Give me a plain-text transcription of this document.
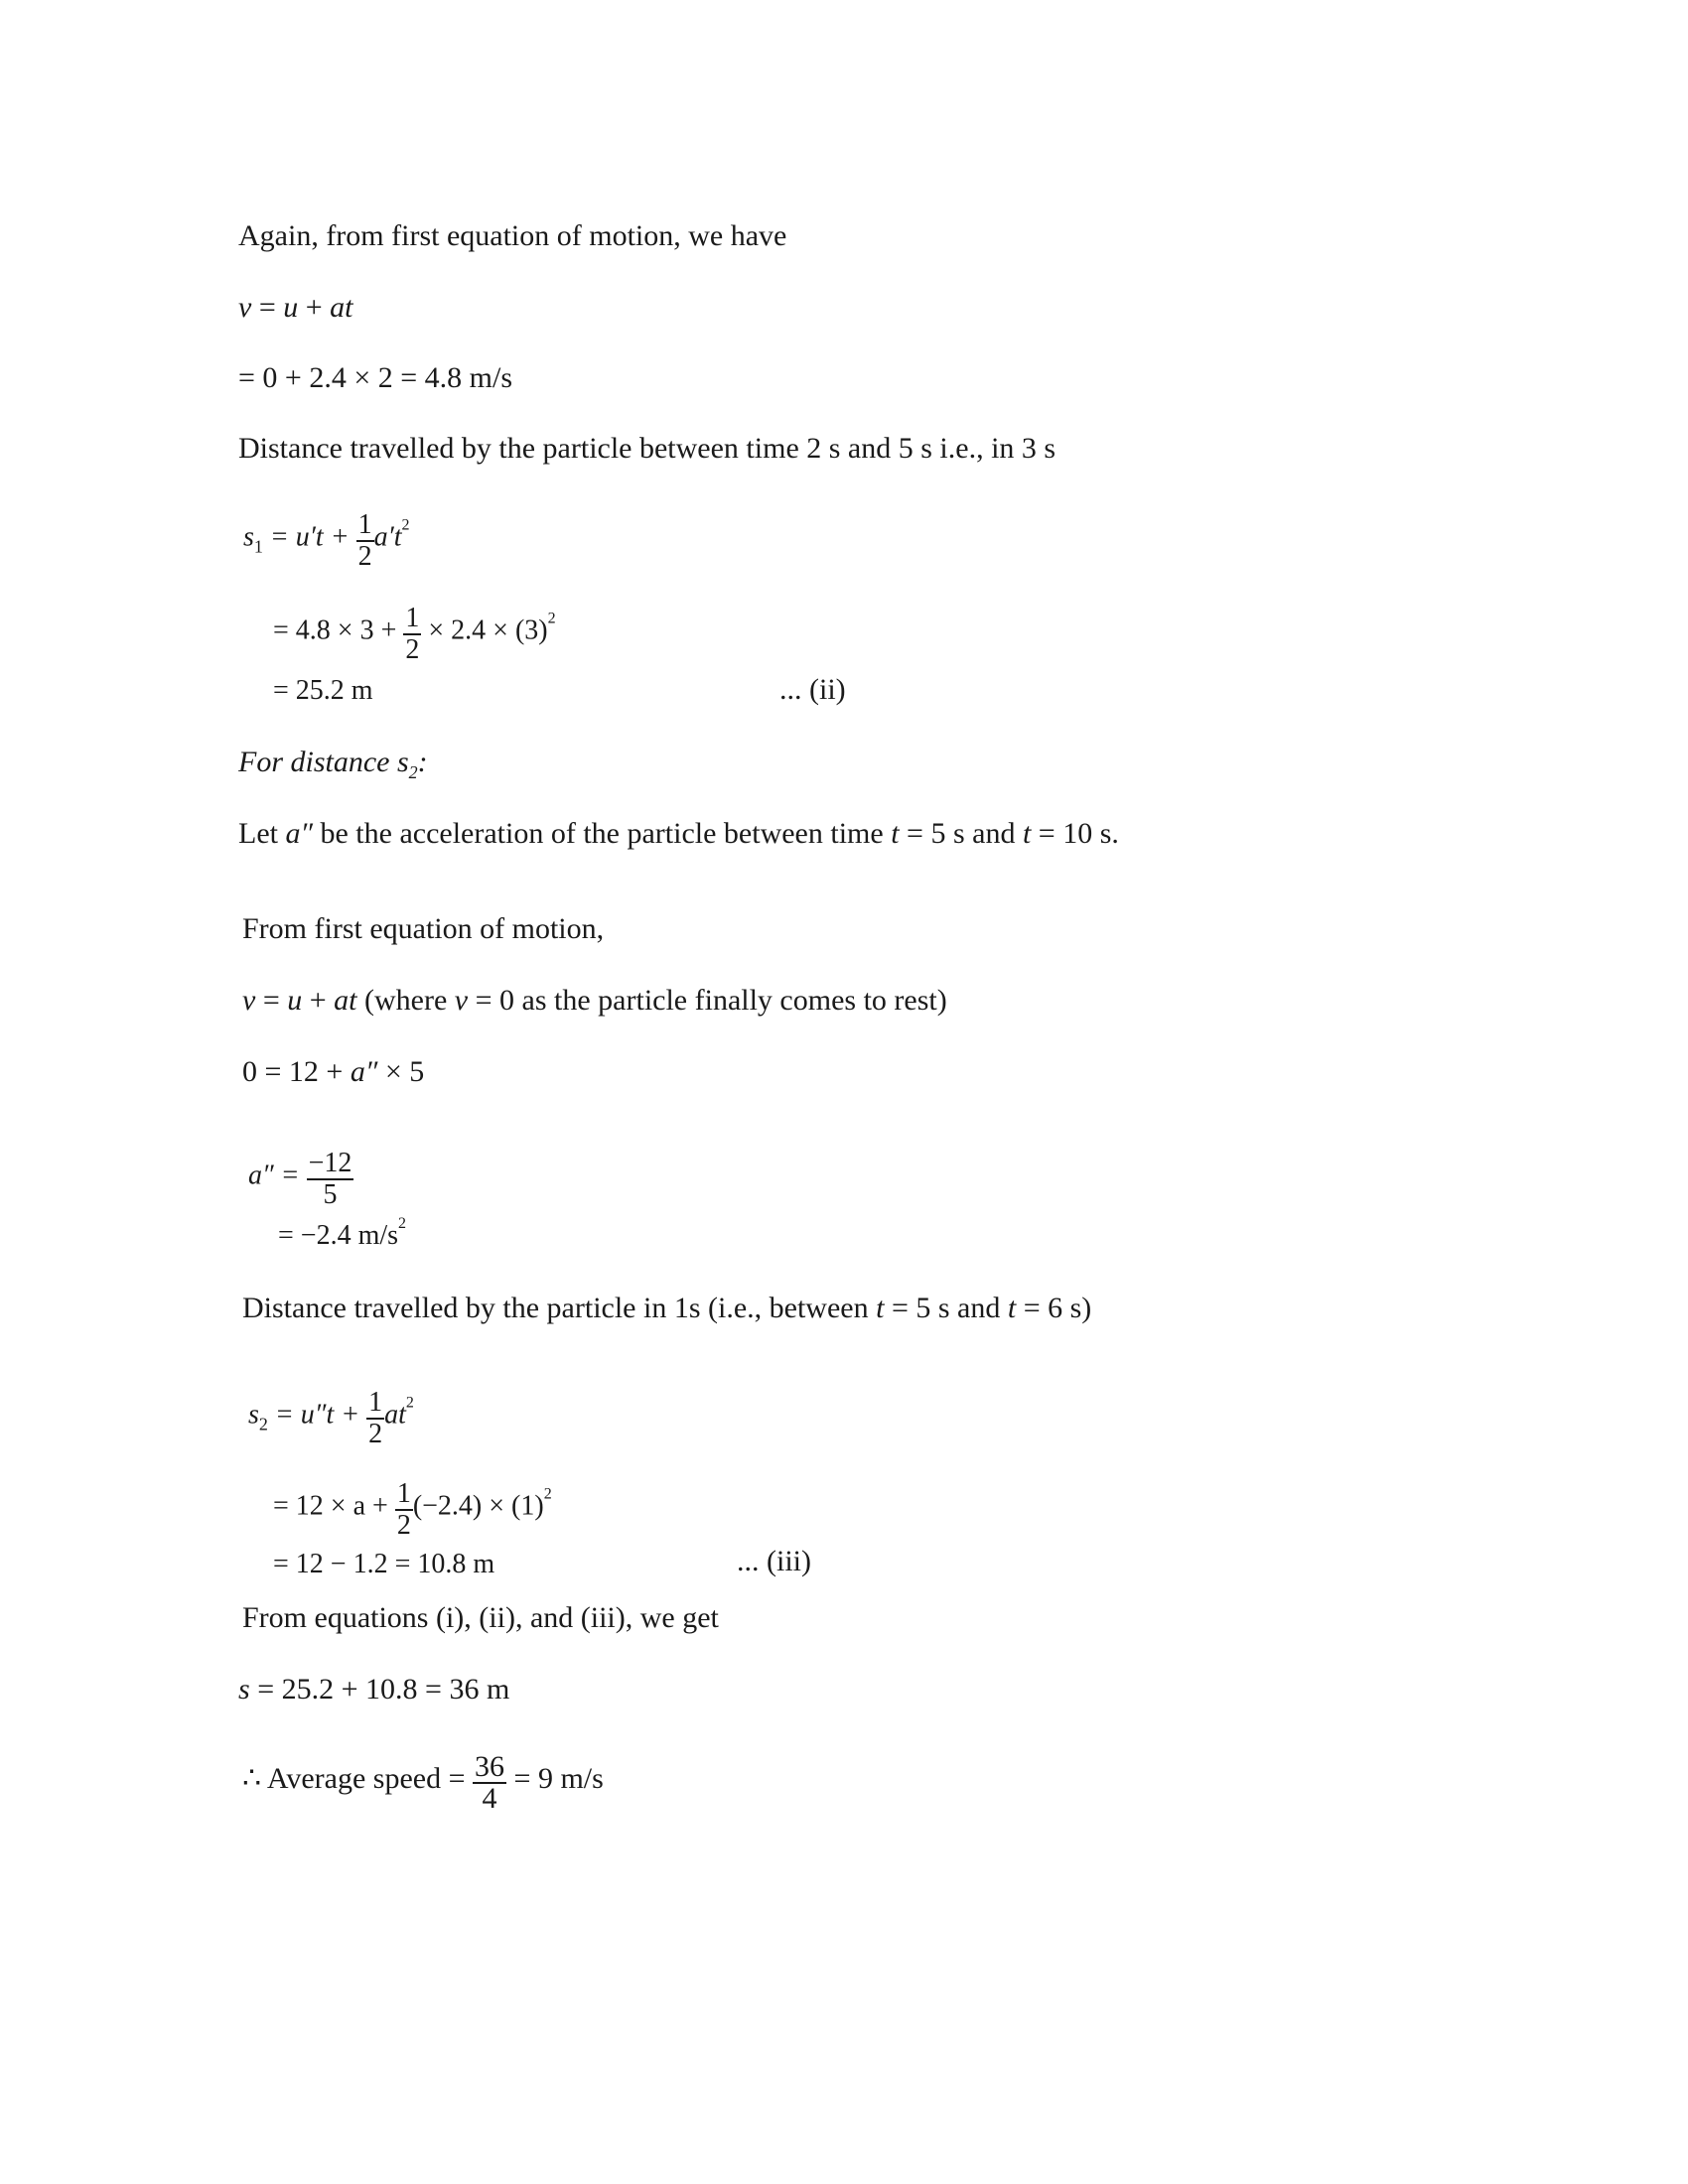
Again, from first equation of motion, we have
v = u + at
= 0 + 2.4 × 2 = 4.8 m/s
Distance travelled by the particle between time 2 s and 5 s i.e., in 3 s
$s_1 = u't + \frac{1}{2} a't^2$
= $4.8 \times 3 + \frac{1}{2} \times 2.4 \times (3)^2$
= 25.2 m	... (ii)
For distance $s_2$:
Let a″ be the acceleration of the particle between time t = 5 s and t = 10 s.
From first equation of motion,
v = u + at (where v = 0 as the particle finally comes to rest)
0 = 12 + a″ × 5
$a'' = \frac{-12}{5}$
= −2.4 $m/s^2$
Distance travelled by the particle in 1s (i.e., between t = 5 s and t = 6 s)
$s_2 = u''t + \frac{1}{2} at^2$
= $12 \times a + \frac{1}{2} (-2.4) \times (1)^2$
= 12 − 1.2 = 10.8 m	... (iii)
From equations (i), (ii), and (iii), we get
s = 25.2 + 10.8 = 36 m
∴ Average speed = $\frac{36}{4} = 9$ m/s
